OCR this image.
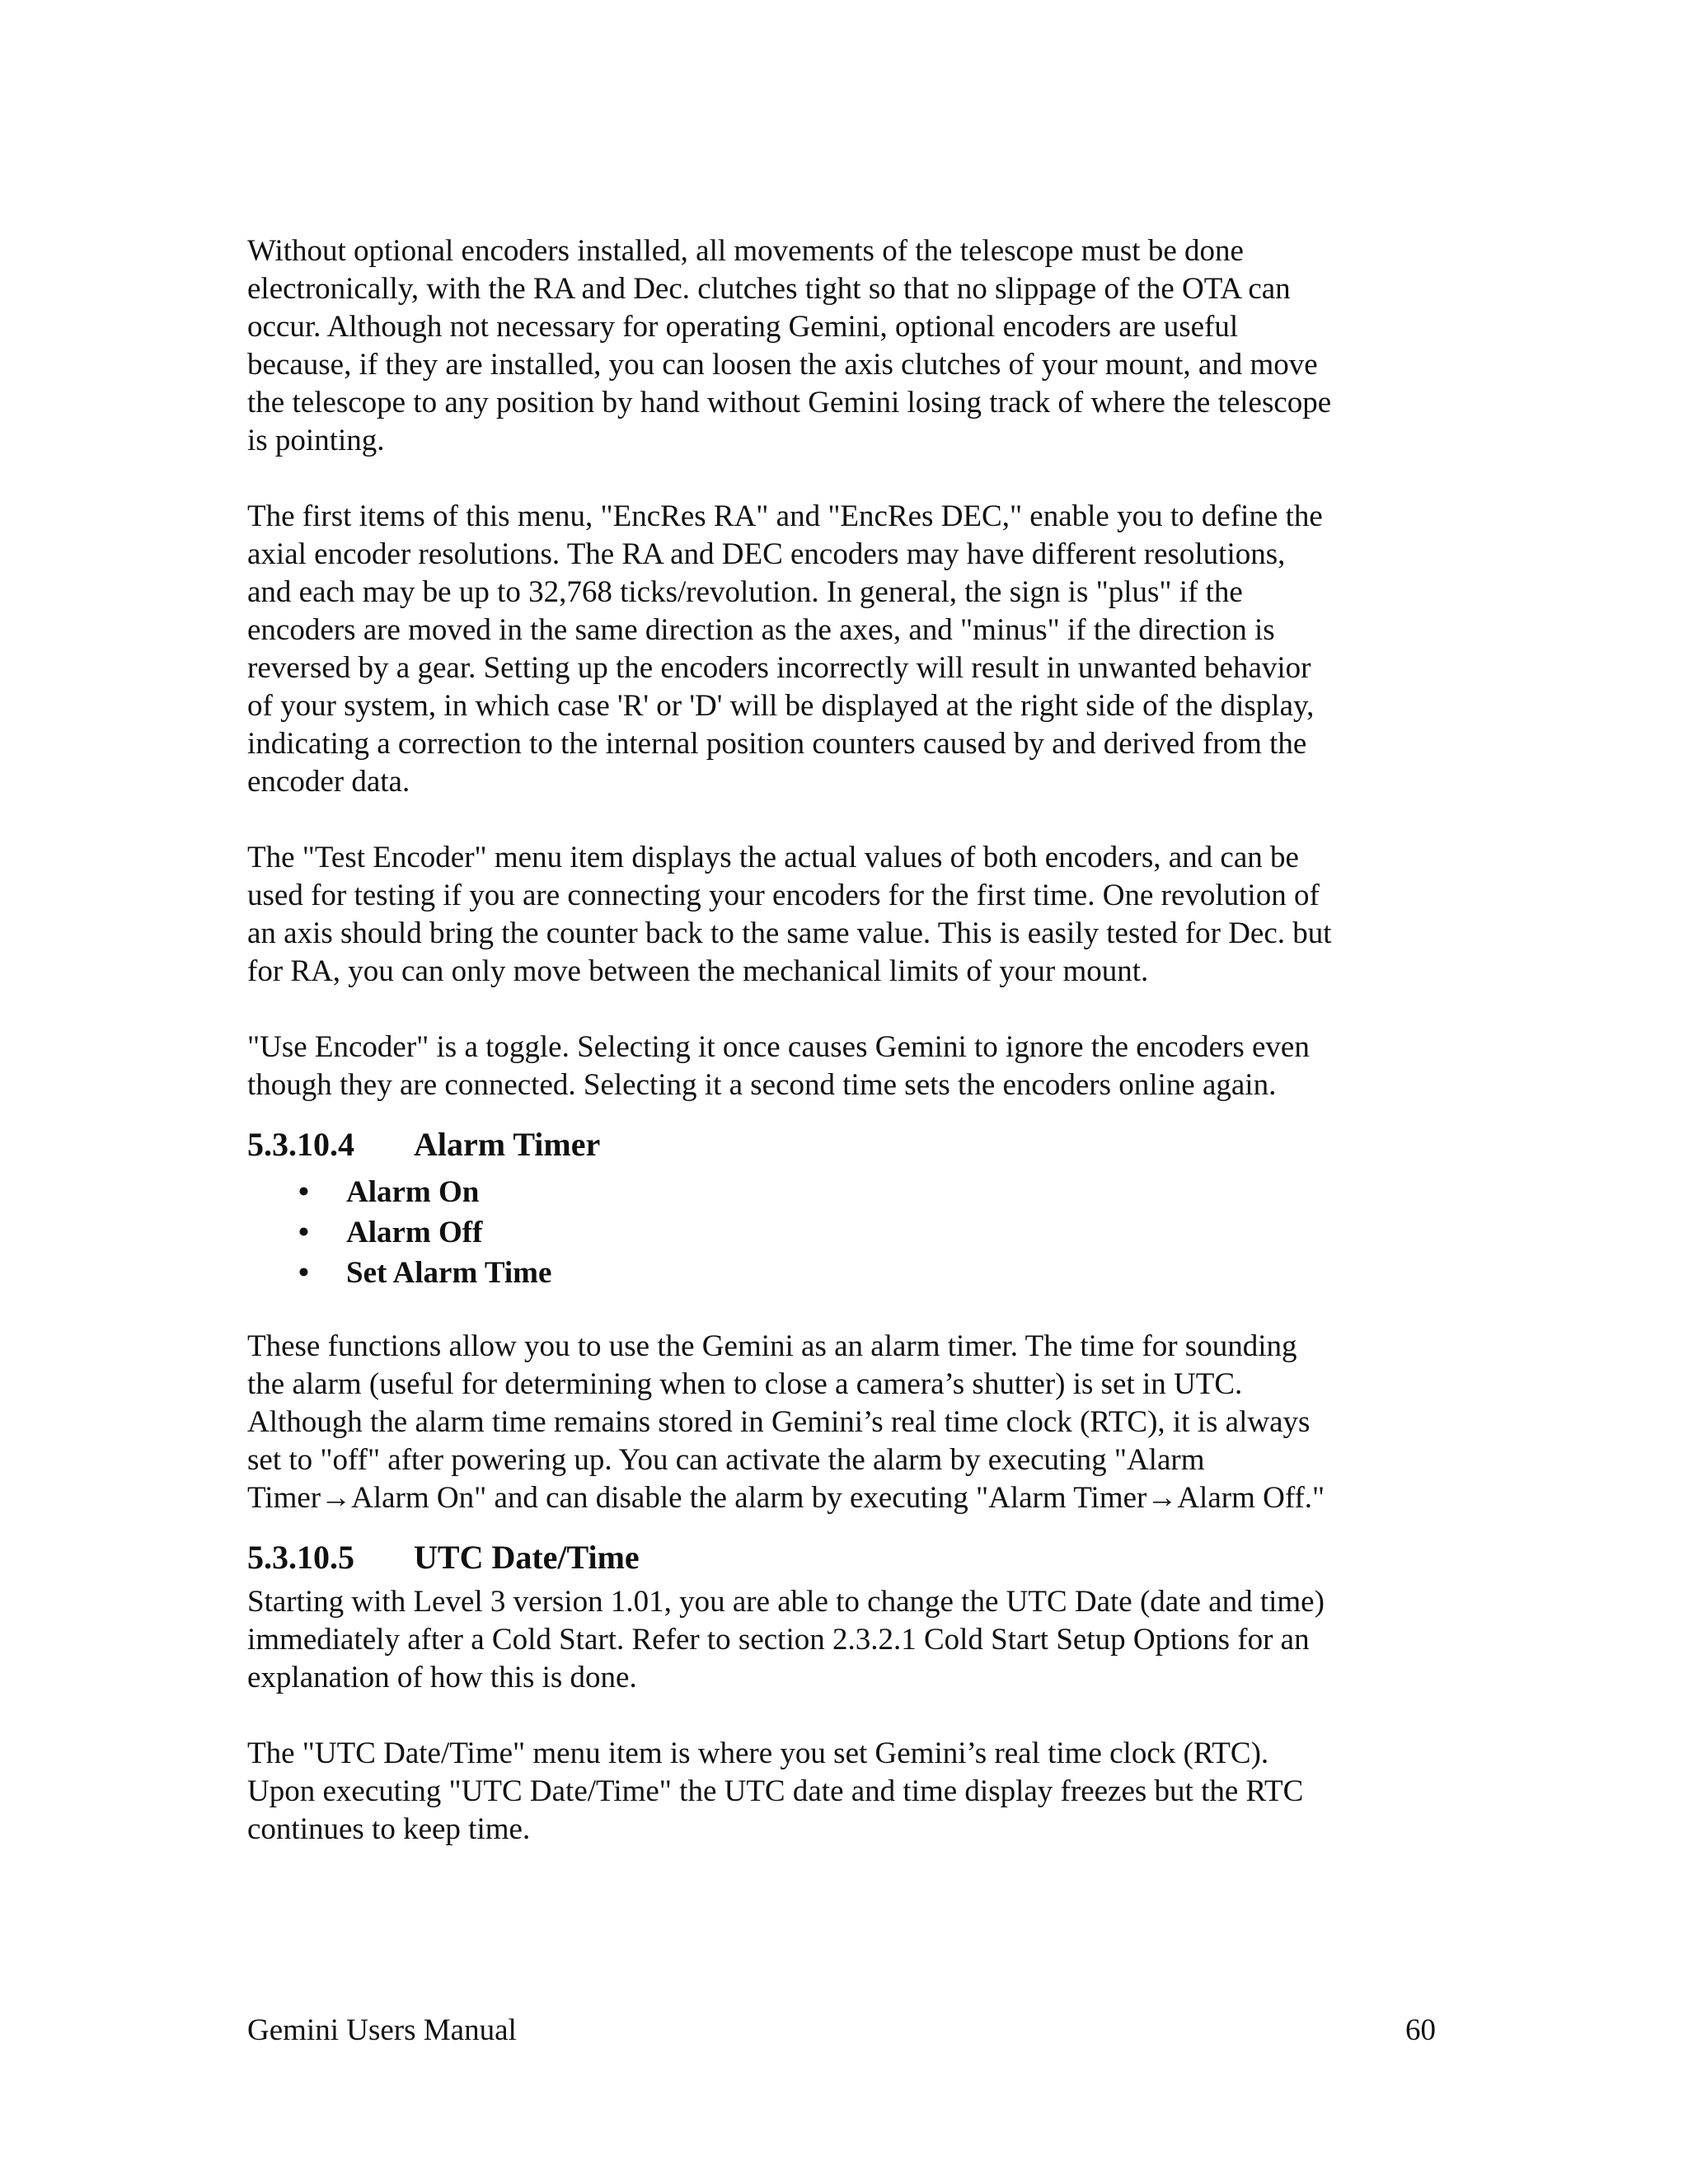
Without optional encoders installed, all movements of the telescope must be done
electronically, with the RA and Dec. clutches tight so that no slippage of the OTA can
occur. Although not necessary for operating Gemini, optional encoders are useful
because, if they are installed, you can loosen the axis clutches of your mount, and move
the telescope to any position by hand without Gemini losing track of where the telescope
is pointing.

The first items of this menu, "EncRes RA" and "EncRes DEC," enable you to define the
axial encoder resolutions. The RA and DEC encoders may have different resolutions,
and each may be up to 32,768 ticks/revolution. In general, the sign is "plus" if the
encoders are moved in the same direction as the axes, and "minus" if the direction is
reversed by a gear. Setting up the encoders incorrectly will result in unwanted behavior
of your system, in which case 'R' or 'D' will be displayed at the right side of the display,
indicating a correction to the internal position counters caused by and derived from the
encoder data.

The "Test Encoder" menu item displays the actual values of both encoders, and can be
used for testing if you are connecting your encoders for the first time. One revolution of
an axis should bring the counter back to the same value. This is easily tested for Dec. but
for RA, you can only move between the mechanical limits of your mount.

"Use Encoder" is a toggle. Selecting it once causes Gemini to ignore the encoders even
though they are connected. Selecting it a second time sets the encoders online again.

5.3.10.4 Alarm Timer
•	Alarm On
•	Alarm Off
•	Set Alarm Time

These functions allow you to use the Gemini as an alarm timer. The time for sounding
the alarm (useful for determining when to close a camera’s shutter) is set in UTC.
Although the alarm time remains stored in Gemini’s real time clock (RTC), it is always
set to "off" after powering up. You can activate the alarm by executing "Alarm
Timer→Alarm On" and can disable the alarm by executing "Alarm Timer→Alarm Off."

5.3.10.5 UTC Date/Time

Starting with Level 3 version 1.01, you are able to change the UTC Date (date and time)
immediately after a Cold Start. Refer to section 2.3.2.1 Cold Start Setup Options for an
explanation of how this is done.

The "UTC Date/Time" menu item is where you set Gemini’s real time clock (RTC).
Upon executing "UTC Date/Time" the UTC date and time display freezes but the RTC
continues to keep time.

Gemini Users Manual	60
